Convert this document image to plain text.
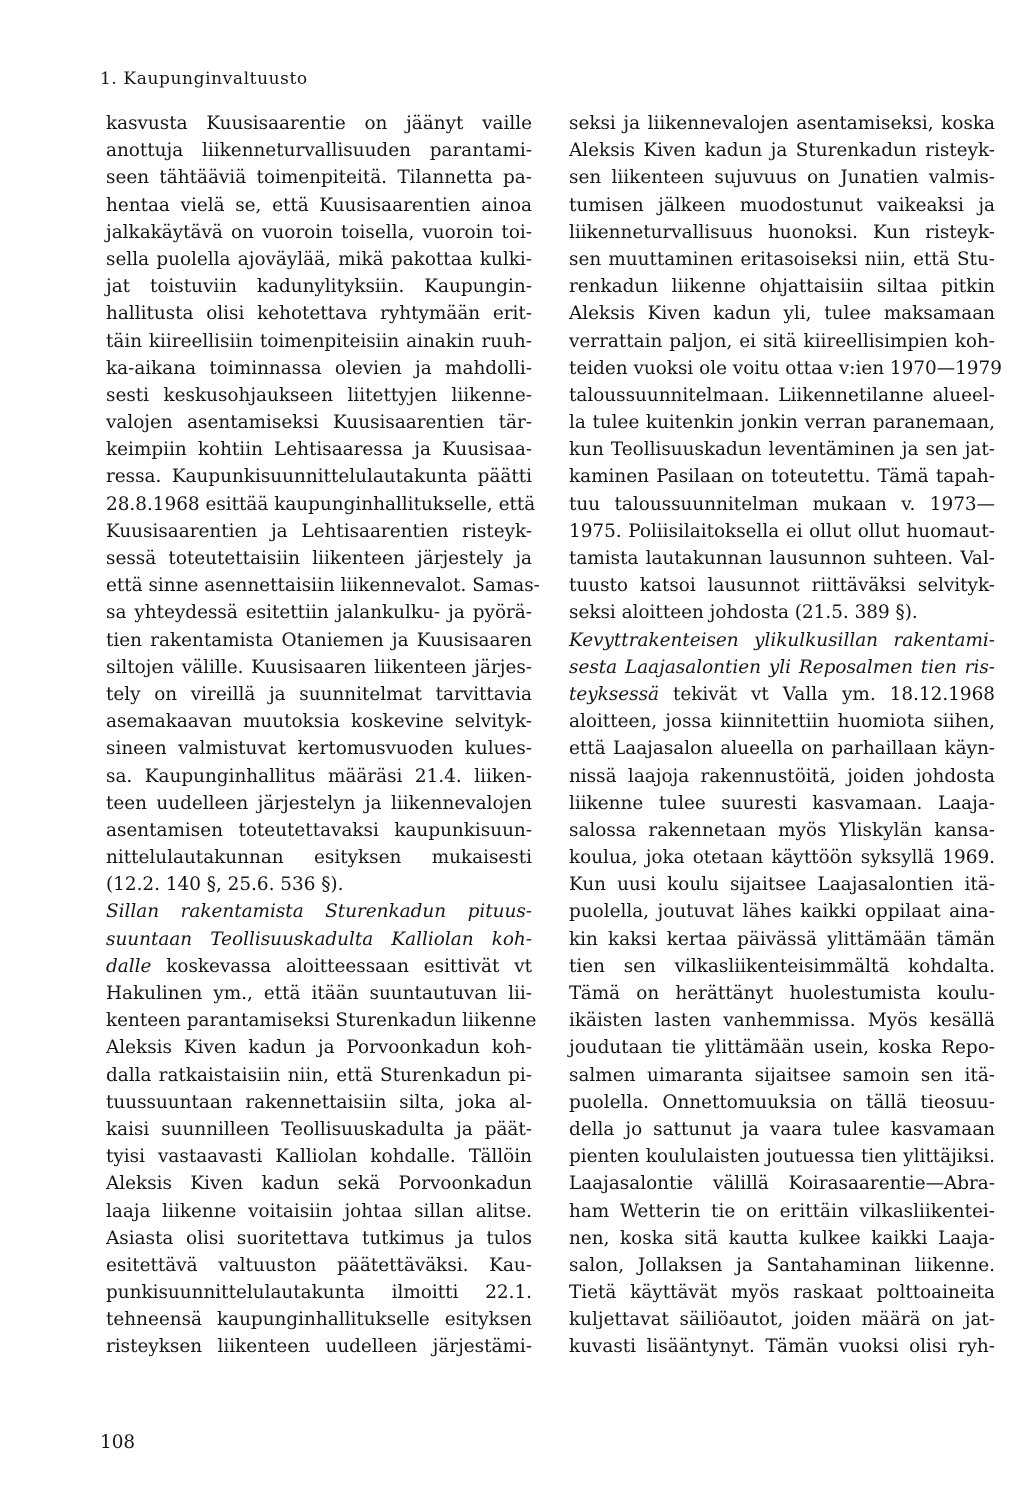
1. Kaupunginvaltuusto
kasvusta Kuusisaarentie on jäänyt vaille
anottuja liikenneturvallisuuden parantami-
seen tähtääviä toimenpiteitä. Tilannetta pa-
hentaa vielä se, että Kuusisaarentien ainoa
jalkakäytävä on vuoroin toisella, vuoroin toi-
sella puolella ajoväylää, mikä pakottaa kulki-
jat toistuviin kadunylityksiin. Kaupungin-
hallitusta olisi kehotettava ryhtymään erit-
täin kiireellisiin toimenpiteisiin ainakin ruuh-
ka-aikana toiminnassa olevien ja mahdolli-
sesti keskusohjaukseen liitettyjen liikenne-
valojen asentamiseksi Kuusisaarentien tär-
keimpiin kohtiin Lehtisaaressa ja Kuusisaa-
ressa. Kaupunkisuunnittelulautakunta päätti
28.8.1968 esittää kaupunginhallitukselle, että
Kuusisaarentien ja Lehtisaarentien risteyk-
sessä toteutettaisiin liikenteen järjestely ja
että sinne asennettaisiin liikennevalot. Samas-
sa yhteydessä esitettiin jalankulku- ja pyörä-
tien rakentamista Otaniemen ja Kuusisaaren
siltojen välille. Kuusisaaren liikenteen järjes-
tely on vireillä ja suunnitelmat tarvittavia
asemakaavan muutoksia koskevine selvityk-
sineen valmistuvat kertomusvuoden kulues-
sa. Kaupunginhallitus määräsi 21.4. liiken-
teen uudelleen järjestelyn ja liikennevalojen
asentamisen toteutettavaksi kaupunkisuun-
nittelulautakunnan esityksen mukaisesti
(12.2. 140 §, 25.6. 536 §).
Sillan rakentamista Sturenkadun pituus-
suuntaan Teollisuuskadulta Kalliolan koh-
dalle koskevassa aloitteessaan esittivät vt
Hakulinen ym., että itään suuntautuvan lii-
kenteen parantamiseksi Sturenkadun liikenne
Aleksis Kiven kadun ja Porvoonkadun koh-
dalla ratkaistaisiin niin, että Sturenkadun pi-
tuussuuntaan rakennettaisiin silta, joka al-
kaisi suunnilleen Teollisuuskadulta ja päät-
tyisi vastaavasti Kalliolan kohdalle. Tällöin
Aleksis Kiven kadun sekä Porvoonkadun
laaja liikenne voitaisiin johtaa sillan alitse.
Asiasta olisi suoritettava tutkimus ja tulos
esitettävä valtuuston päätettäväksi. Kau-
punkisuunnittelulautakunta ilmoitti 22.1.
tehneensä kaupunginhallitukselle esityksen
risteyksen liikenteen uudelleen järjestämi-
seksi ja liikennevalojen asentamiseksi, koska
Aleksis Kiven kadun ja Sturenkadun risteyk-
sen liikenteen sujuvuus on Junatien valmis-
tumisen jälkeen muodostunut vaikeaksi ja
liikenneturvallisuus huonoksi. Kun risteyk-
sen muuttaminen eritasoiseksi niin, että Stu-
renkadun liikenne ohjattaisiin siltaa pitkin
Aleksis Kiven kadun yli, tulee maksamaan
verrattain paljon, ei sitä kiireellisimpien koh-
teiden vuoksi ole voitu ottaa v:ien 1970—1979
taloussuunnitelmaan. Liikennetilanne alueel-
la tulee kuitenkin jonkin verran paranemaan,
kun Teollisuuskadun leventäminen ja sen jat-
kaminen Pasilaan on toteutettu. Tämä tapah-
tuu taloussuunnitelman mukaan v. 1973—
1975. Poliisilaitoksella ei ollut ollut huomaut-
tamista lautakunnan lausunnon suhteen. Val-
tuusto katsoi lausunnot riittäväksi selvityk-
seksi aloitteen johdosta (21.5. 389 §).
Kevyttrakenteisen ylikulkusillan rakentami-
sesta Laajasalontien yli Reposalmen tien ris-
teyksessä tekivät vt Valla ym. 18.12.1968
aloitteen, jossa kiinnitettiin huomiota siihen,
että Laajasalon alueella on parhaillaan käyn-
nissä laajoja rakennustöitä, joiden johdosta
liikenne tulee suuresti kasvamaan. Laaja-
salossa rakennetaan myös Yliskylän kansa-
koulua, joka otetaan käyttöön syksyllä 1969.
Kun uusi koulu sijaitsee Laajasalontien itä-
puolella, joutuvat lähes kaikki oppilaat aina-
kin kaksi kertaa päivässä ylittämään tämän
tien sen vilkasliikenteisimmältä kohdalta.
Tämä on herättänyt huolestumista koulu-
ikäisten lasten vanhemmissa. Myös kesällä
joudutaan tie ylittämään usein, koska Repo-
salmen uimaranta sijaitsee samoin sen itä-
puolella. Onnettomuuksia on tällä tieosuu-
della jo sattunut ja vaara tulee kasvamaan
pienten koululaisten joutuessa tien ylittäjiksi.
Laajasalontie välillä Koirasaarentie—Abra-
ham Wetterin tie on erittäin vilkasliikentei-
nen, koska sitä kautta kulkee kaikki Laaja-
salon, Jollaksen ja Santahaminan liikenne.
Tietä käyttävät myös raskaat polttoaineita
kuljettavat säiliöautot, joiden määrä on jat-
kuvasti lisääntynyt. Tämän vuoksi olisi ryh-
108
